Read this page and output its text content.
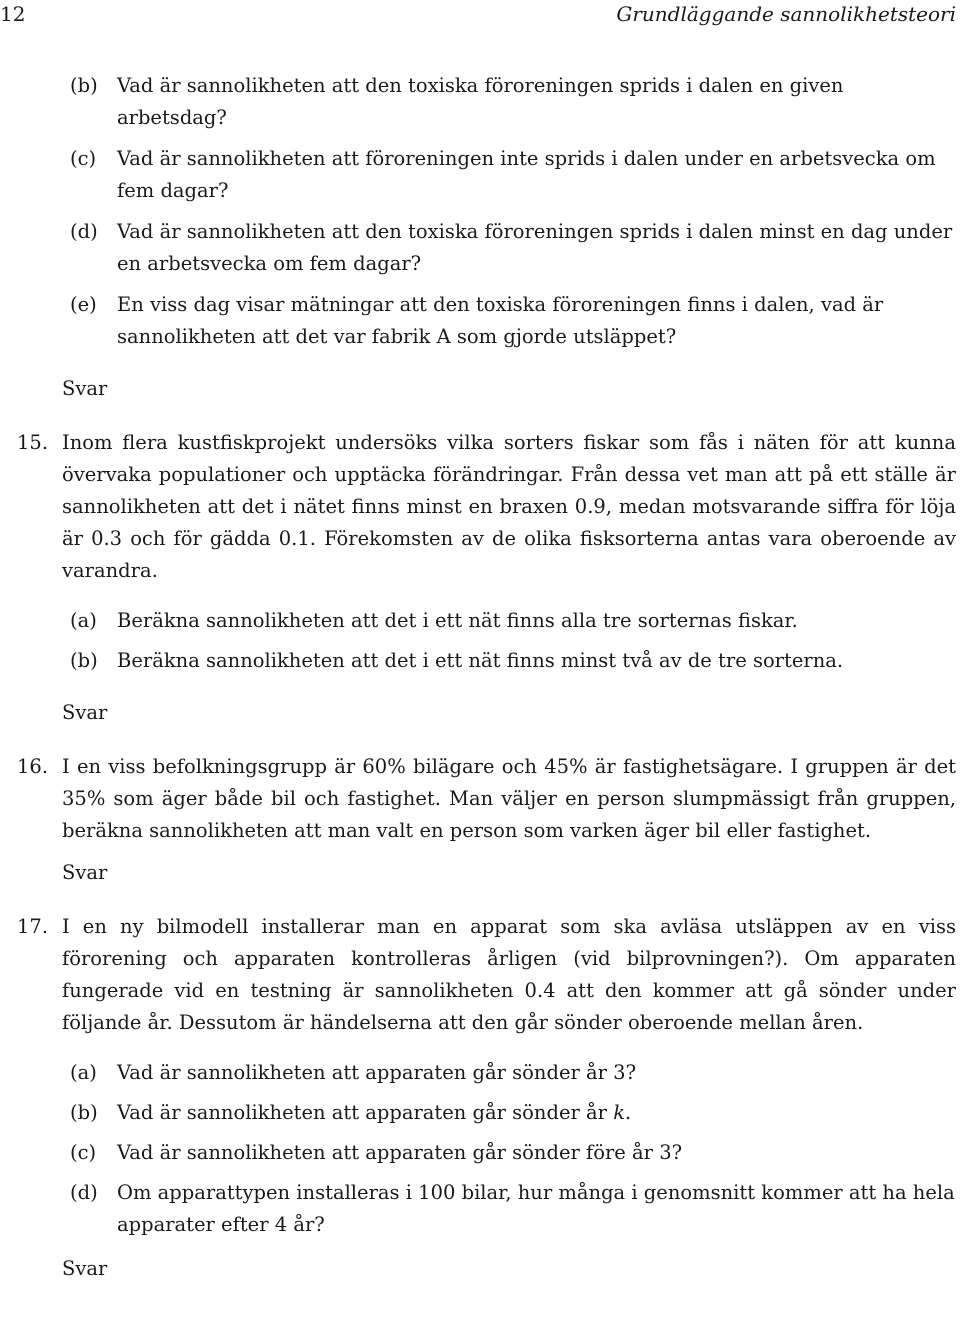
12	Grundläggande sannolikhetsteori
(b) Vad är sannolikheten att den toxiska föroreningen sprids i dalen en given arbetsdag?
(c) Vad är sannolikheten att föroreningen inte sprids i dalen under en arbetsvecka om fem dagar?
(d) Vad är sannolikheten att den toxiska föroreningen sprids i dalen minst en dag under en arbetsvecka om fem dagar?
(e) En viss dag visar mätningar att den toxiska föroreningen finns i dalen, vad är sannolikheten att det var fabrik A som gjorde utsläppet?
Svar
15. Inom flera kustfiskprojekt undersöks vilka sorters fiskar som fås i näten för att kunna övervaka populationer och upptäcka förändringar. Från dessa vet man att på ett ställe är sannolikheten att det i nätet finns minst en braxen 0.9, medan motsvarande siffra för löja är 0.3 och för gädda 0.1. Förekomsten av de olika fisksorterna antas vara oberoende av varandra.
(a) Beräkna sannolikheten att det i ett nät finns alla tre sorternas fiskar.
(b) Beräkna sannolikheten att det i ett nät finns minst två av de tre sorterna.
Svar
16. I en viss befolkningsgrupp är 60% bilägare och 45% är fastighetsägare. I gruppen är det 35% som äger både bil och fastighet. Man väljer en person slumpmässigt från gruppen, beräkna sannolikheten att man valt en person som varken äger bil eller fastighet.
Svar
17. I en ny bilmodell installerar man en apparat som ska avläsa utsläppen av en viss förorening och apparaten kontrolleras årligen (vid bilprovningen?). Om apparaten fungerade vid en testning är sannolikheten 0.4 att den kommer att gå sönder under följande år. Dessutom är händelserna att den går sönder oberoende mellan åren.
(a) Vad är sannolikheten att apparaten går sönder år 3?
(b) Vad är sannolikheten att apparaten går sönder år k.
(c) Vad är sannolikheten att apparaten går sönder före år 3?
(d) Om apparattypen installeras i 100 bilar, hur många i genomsnitt kommer att ha hela apparater efter 4 år?
Svar
